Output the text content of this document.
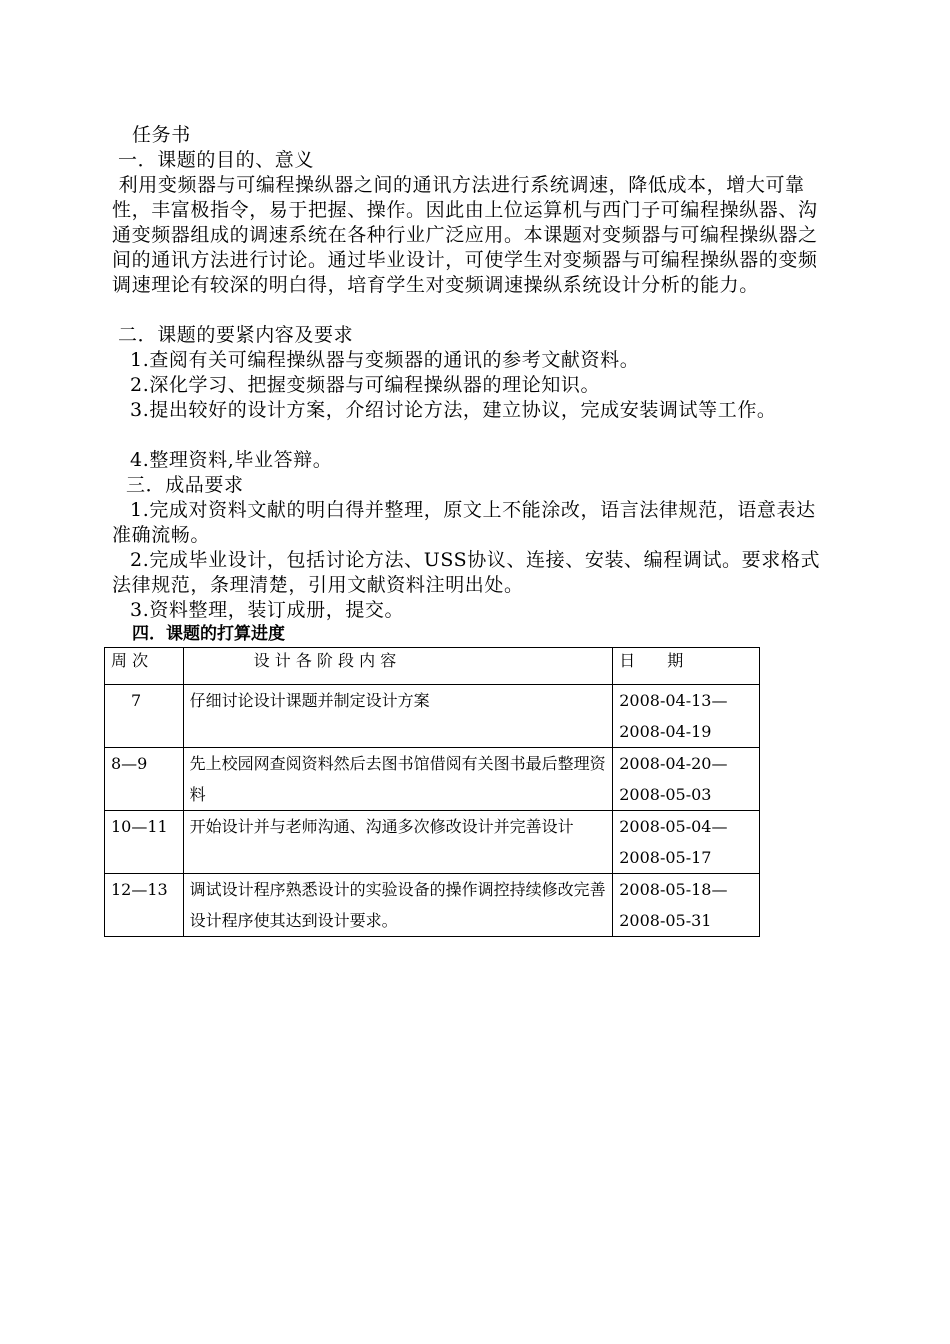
任务书

一．课题的目的、意义

利用变频器与可编程操纵器之间的通讯方法进行系统调速，降低成本，增大可靠性，丰富极指令，易于把握、操作。因此由上位运算机与西门子可编程操纵器、沟通变频器组成的调速系统在各种行业广泛应用。本课题对变频器与可编程操纵器之间的通讯方法进行讨论。通过毕业设计，可使学生对变频器与可编程操纵器的变频调速理论有较深的明白得，培育学生对变频调速操纵系统设计分析的能力。

二．课题的要紧内容及要求

1.查阅有关可编程操纵器与变频器的通讯的参考文献资料。

2.深化学习、把握变频器与可编程操纵器的理论知识。

3.提出较好的设计方案，介绍讨论方法，建立协议，完成安装调试等工作。

4.整理资料,毕业答辩。

三．成品要求

1.完成对资料文献的明白得并整理，原文上不能涂改，语言法律规范，语意表达准确流畅。

2.完成毕业设计，包括讨论方法、USS协议、连接、安装、编程调试。要求格式法律规范，条理清楚，引用文献资料注明出处。

3.资料整理，装订成册，提交。

四．课题的打算进度
周 次	设 计 各 阶 段 内 容	日　　期
7	仔细讨论设计课题并制定设计方案	2008-04-13—
2008-04-19

8—9	先上校园网查阅资料然后去图书馆借阅有关图书最后整理资料	2008-04-20—
2008-05-03

10—11	开始设计并与老师沟通、沟通多次修改设计并完善设计	2008-05-04—
2008-05-17

12—13	调试设计程序熟悉设计的实验设备的操作调控持续修改完善设计程序使其达到设计要求。	2008-05-18—
2008-05-31
